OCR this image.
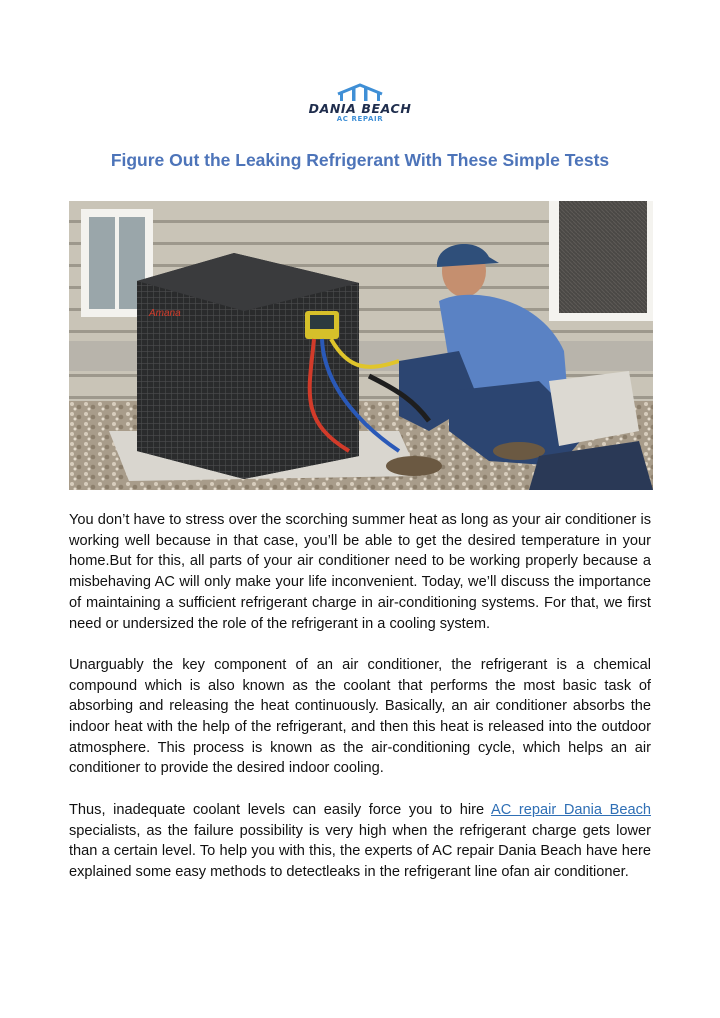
DANIA BEACH
AC REPAIR
Figure Out the Leaking Refrigerant With These Simple Tests
Amana

You don’t have to stress over the scorching summer heat as long as your air conditioner is working well because in that case, you’ll be able to get the desired temperature in your home.But for this, all parts of your air conditioner need to be working properly because a misbehaving AC will only make your life inconvenient. Today, we’ll discuss the importance of maintaining a sufficient refrigerant charge in air-conditioning systems. For that, we first need or undersized the role of the refrigerant in a cooling system.

Unarguably the key component of an air conditioner, the refrigerant is a chemical compound which is also known as the coolant that performs the most basic task of absorbing and releasing the heat continuously. Basically, an air conditioner absorbs the indoor heat with the help of the refrigerant, and then this heat is released into the outdoor atmosphere. This process is known as the air-conditioning cycle, which helps an air conditioner to provide the desired indoor cooling.

Thus, inadequate coolant levels can easily force you to hire AC repair Dania Beach specialists, as the failure possibility is very high when the refrigerant charge gets lower than a certain level. To help you with this, the experts of AC repair Dania Beach have here explained some easy methods to detectleaks in the refrigerant line ofan air conditioner.
